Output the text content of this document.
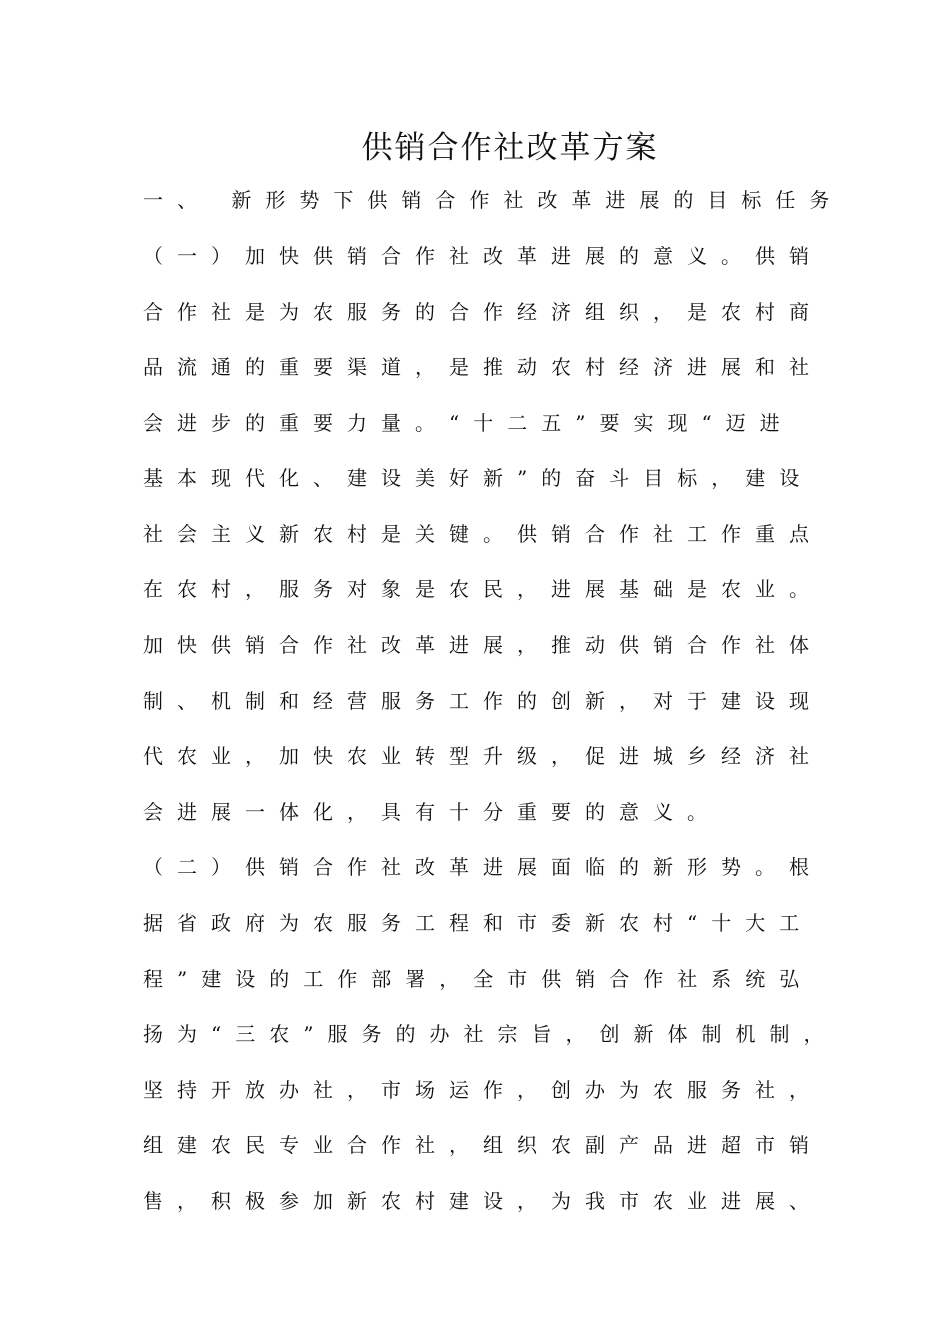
供销合作社改革方案
一、 新形势下供销合作社改革进展的目标任务
（一）加快供销合作社改革进展的意义。供销
合作社是为农服务的合作经济组织，是农村商
品流通的重要渠道，是推动农村经济进展和社
会进步的重要力量。“十二五”要实现“迈进
基本现代化、建设美好新”的奋斗目标，建设
社会主义新农村是关键。供销合作社工作重点
在农村，服务对象是农民，进展基础是农业。
加快供销合作社改革进展，推动供销合作社体
制、机制和经营服务工作的创新，对于建设现
代农业，加快农业转型升级，促进城乡经济社
会进展一体化，具有十分重要的意义。
（二）供销合作社改革进展面临的新形势。根
据省政府为农服务工程和市委新农村“十大工
程”建设的工作部署，全市供销合作社系统弘
扬为“三农”服务的办社宗旨，创新体制机制，
坚持开放办社，市场运作，创办为农服务社，
组建农民专业合作社，组织农副产品进超市销
售，积极参加新农村建设，为我市农业进展、
